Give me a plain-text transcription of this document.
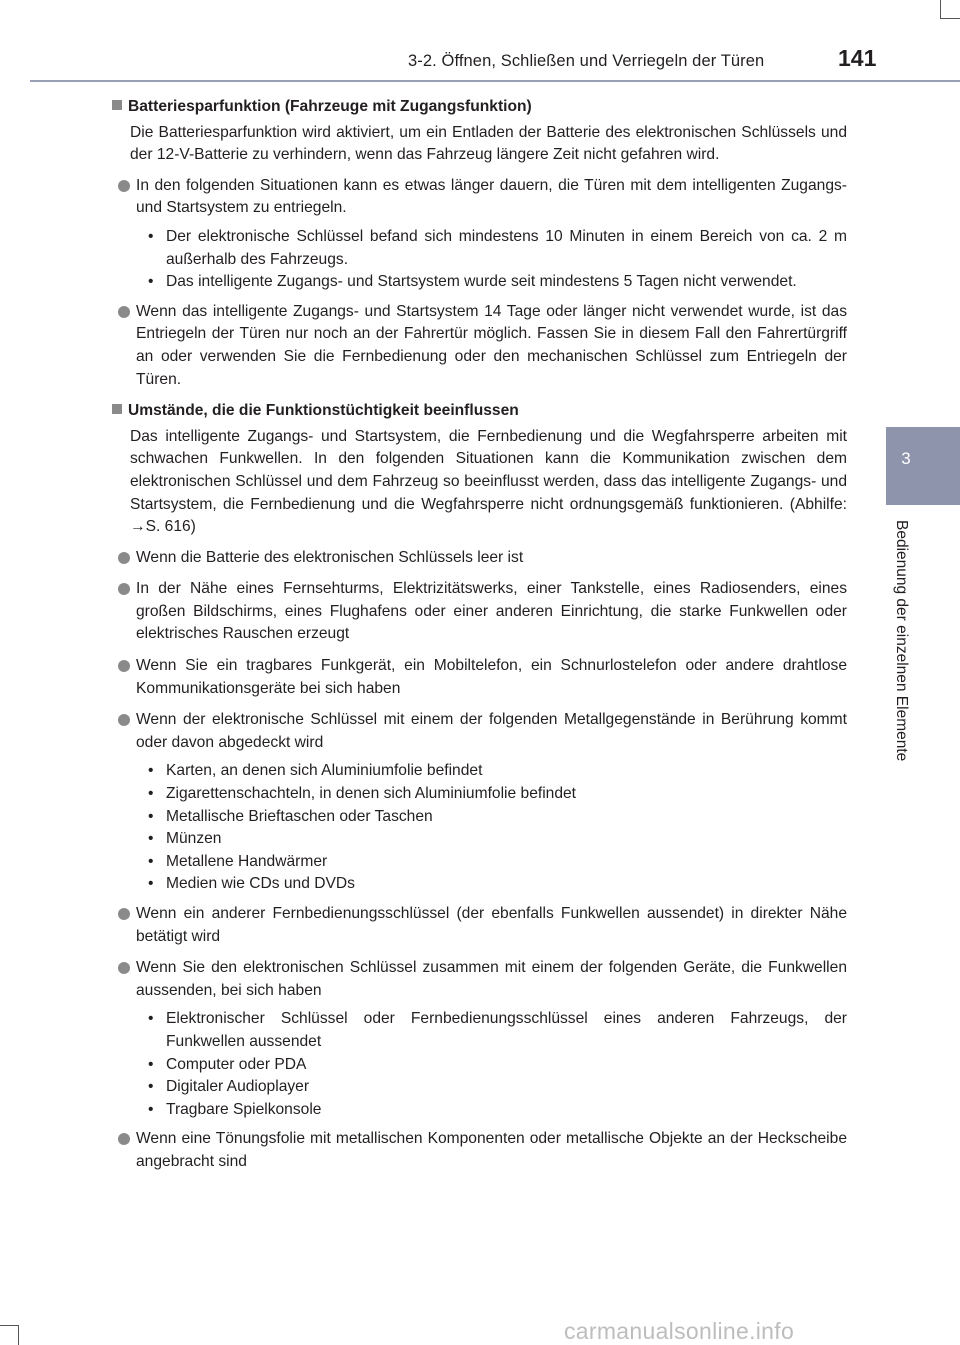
3-2. Öffnen, Schließen und Verriegeln der Türen	141
3
Bedienung der einzelnen Elemente
Batteriesparfunktion (Fahrzeuge mit Zugangsfunktion)
Die Batteriesparfunktion wird aktiviert, um ein Entladen der Batterie des elektronischen Schlüssels und der 12-V-Batterie zu verhindern, wenn das Fahrzeug längere Zeit nicht gefahren wird.
In den folgenden Situationen kann es etwas länger dauern, die Türen mit dem intelligenten Zugangs- und Startsystem zu entriegeln.
• Der elektronische Schlüssel befand sich mindestens 10 Minuten in einem Bereich von ca. 2 m außerhalb des Fahrzeugs.
• Das intelligente Zugangs- und Startsystem wurde seit mindestens 5 Tagen nicht verwendet.
Wenn das intelligente Zugangs- und Startsystem 14 Tage oder länger nicht verwendet wurde, ist das Entriegeln der Türen nur noch an der Fahrertür möglich. Fassen Sie in diesem Fall den Fahrertürgriff an oder verwenden Sie die Fernbedienung oder den mechanischen Schlüssel zum Entriegeln der Türen.
Umstände, die die Funktionstüchtigkeit beeinflussen
Das intelligente Zugangs- und Startsystem, die Fernbedienung und die Wegfahrsperre arbeiten mit schwachen Funkwellen. In den folgenden Situationen kann die Kommunikation zwischen dem elektronischen Schlüssel und dem Fahrzeug so beeinflusst werden, dass das intelligente Zugangs- und Startsystem, die Fernbedienung und die Wegfahrsperre nicht ordnungsgemäß funktionieren. (Abhilfe: →S. 616)
Wenn die Batterie des elektronischen Schlüssels leer ist
In der Nähe eines Fernsehturms, Elektrizitätswerks, einer Tankstelle, eines Radiosenders, eines großen Bildschirms, eines Flughafens oder einer anderen Einrichtung, die starke Funkwellen oder elektrisches Rauschen erzeugt
Wenn Sie ein tragbares Funkgerät, ein Mobiltelefon, ein Schnurlostelefon oder andere drahtlose Kommunikationsgeräte bei sich haben
Wenn der elektronische Schlüssel mit einem der folgenden Metallgegenstände in Berührung kommt oder davon abgedeckt wird
• Karten, an denen sich Aluminiumfolie befindet
• Zigarettenschachteln, in denen sich Aluminiumfolie befindet
• Metallische Brieftaschen oder Taschen
• Münzen
• Metallene Handwärmer
• Medien wie CDs und DVDs
Wenn ein anderer Fernbedienungsschlüssel (der ebenfalls Funkwellen aussendet) in direkter Nähe betätigt wird
Wenn Sie den elektronischen Schlüssel zusammen mit einem der folgenden Geräte, die Funkwellen aussenden, bei sich haben
• Elektronischer Schlüssel oder Fernbedienungsschlüssel eines anderen Fahrzeugs, der Funkwellen aussendet
• Computer oder PDA
• Digitaler Audioplayer
• Tragbare Spielkonsole
Wenn eine Tönungsfolie mit metallischen Komponenten oder metallische Objekte an der Heckscheibe angebracht sind
carmanualsonline.info
